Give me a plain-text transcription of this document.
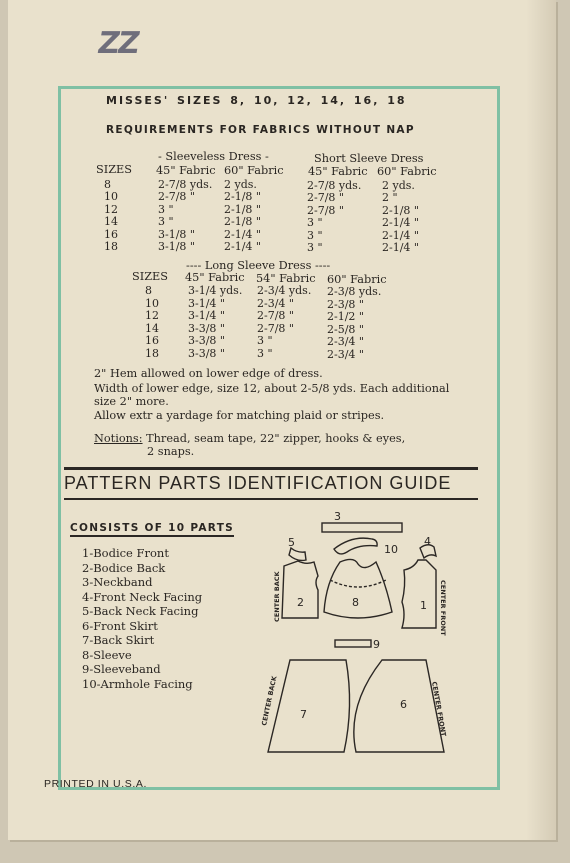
ZZ
MISSES' SIZES 8, 10, 12, 14, 16, 18
REQUIREMENTS FOR FABRICS WITHOUT NAP
- Sleeveless Dress -	Short Sleeve Dress
SIZES 45" Fabric 60" Fabric 45" Fabric 60" Fabric
8	2-7/8 yds. 2 yds.	2-7/8 yds. 2 yds.
10	2-7/8 "	2-1/8 "	2-7/8 "	2 "
12	3 "	2-1/8 "	2-7/8 "	2-1/8 "
14	3 "	2-1/8 "	3 "	2-1/4 "
16	3-1/8 "	2-1/4 "	3 "	2-1/4 "
18	3-1/8 "	2-1/4 "	3 "	2-1/4 "
---- Long Sleeve Dress ----
SIZES 45" Fabric 54" Fabric 60" Fabric
8	3-1/4 yds. 2-3/4 yds. 2-3/8 yds.
10	3-1/4 "	2-3/4 "	2-3/8 "
12	3-1/4 "	2-7/8 "	2-1/2 "
14	3-3/8 "	2-7/8 "	2-5/8 "
16	3-3/8 "	3 "	2-3/4 "
18	3-3/8 "	3 "	2-3/4 "
2" Hem allowed on lower edge of dress.
Width of lower edge, size 12, about 2-5/8 yds. Each additional
size 2" more.
Allow extr a yardage for matching plaid or stripes.
Notions: Thread, seam tape, 22" zipper, hooks & eyes,
2 snaps.
PATTERN PARTS IDENTIFICATION GUIDE
CONSISTS OF 10 PARTS
1-Bodice Front
2-Bodice Back
3-Neckband
4-Front Neck Facing
5-Back Neck Facing
6-Front Skirt
7-Back Skirt
8-Sleeve
9-Sleeveband
10-Armhole Facing
3
5	4
10
2	8	1
9
7
6
CENTER BACK	CENTER FRONT
CENTER BACK	CENTER FRONT
PRINTED IN U.S.A.
